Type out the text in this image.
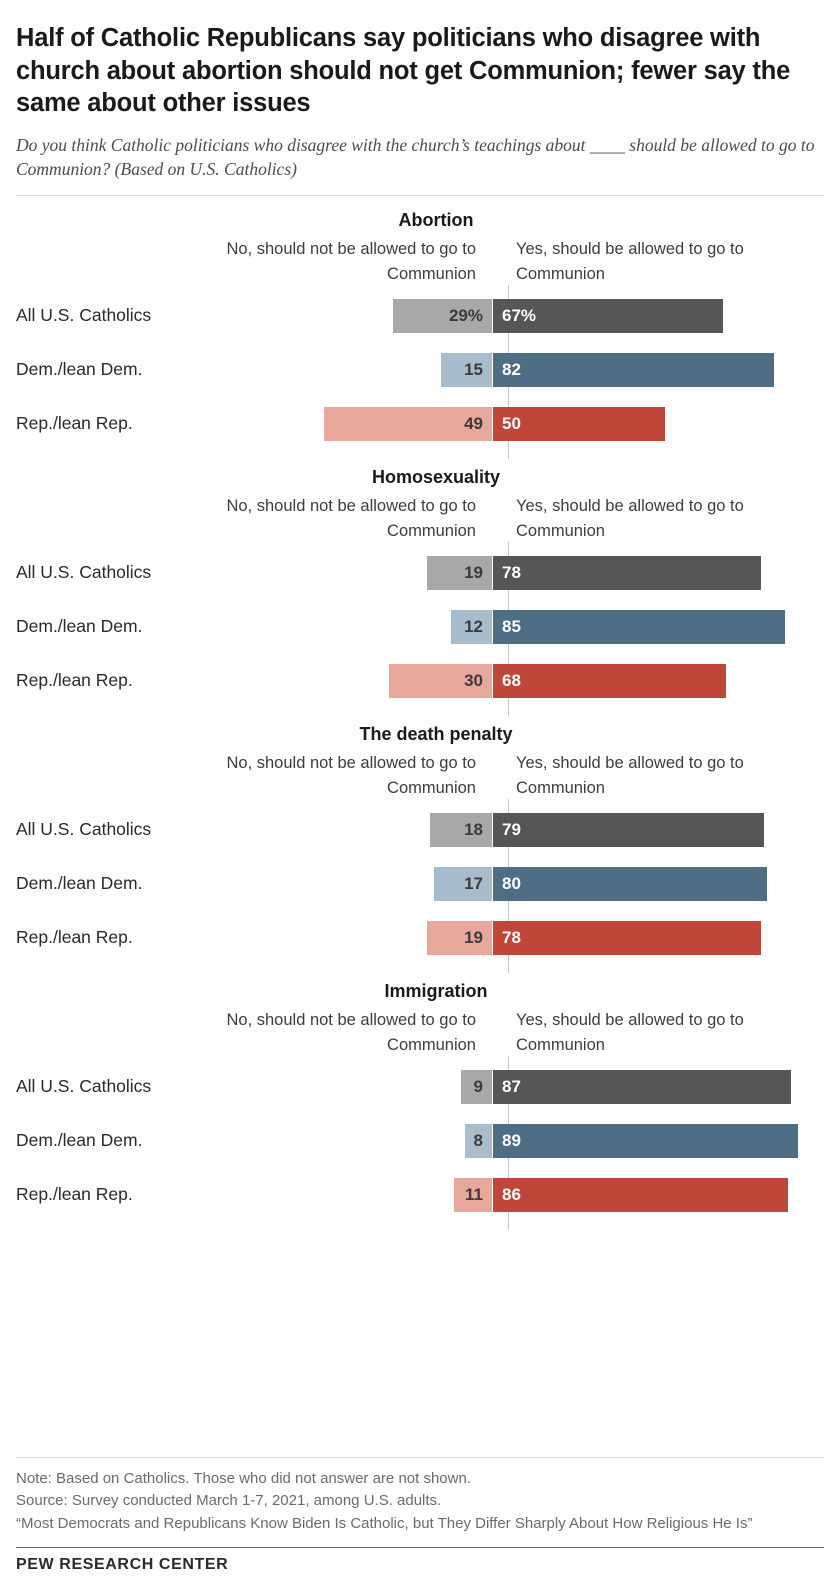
Half of Catholic Republicans say politicians who disagree with church about abortion should not get Communion; fewer say the same about other issues

Do you think Catholic politicians who disagree with the church’s teachings about ____ should be allowed to go to Communion? (Based on U.S. Catholics)

Abortion
No, should not be allowed to go to Communion
Yes, should be allowed to go to Communion
All U.S. Catholics	29% 67%
Dem./lean Dem.	15 82
Rep./lean Rep.	49 50
Homosexuality
No, should not be allowed to go to Communion
Yes, should be allowed to go to Communion
All U.S. Catholics	19 78
Dem./lean Dem.	12 85
Rep./lean Rep.	30 68
The death penalty
No, should not be allowed to go to Communion
Yes, should be allowed to go to Communion
All U.S. Catholics	18 79
Dem./lean Dem.	17 80
Rep./lean Rep.	19 78
Immigration
No, should not be allowed to go to Communion
Yes, should be allowed to go to Communion
All U.S. Catholics	9 87
Dem./lean Dem.	8 89
Rep./lean Rep.	11 86
Note: Based on Catholics. Those who did not answer are not shown.
Source: Survey conducted March 1-7, 2021, among U.S. adults.
“Most Democrats and Republicans Know Biden Is Catholic, but They Differ Sharply About How Religious He Is”
PEW RESEARCH CENTER
